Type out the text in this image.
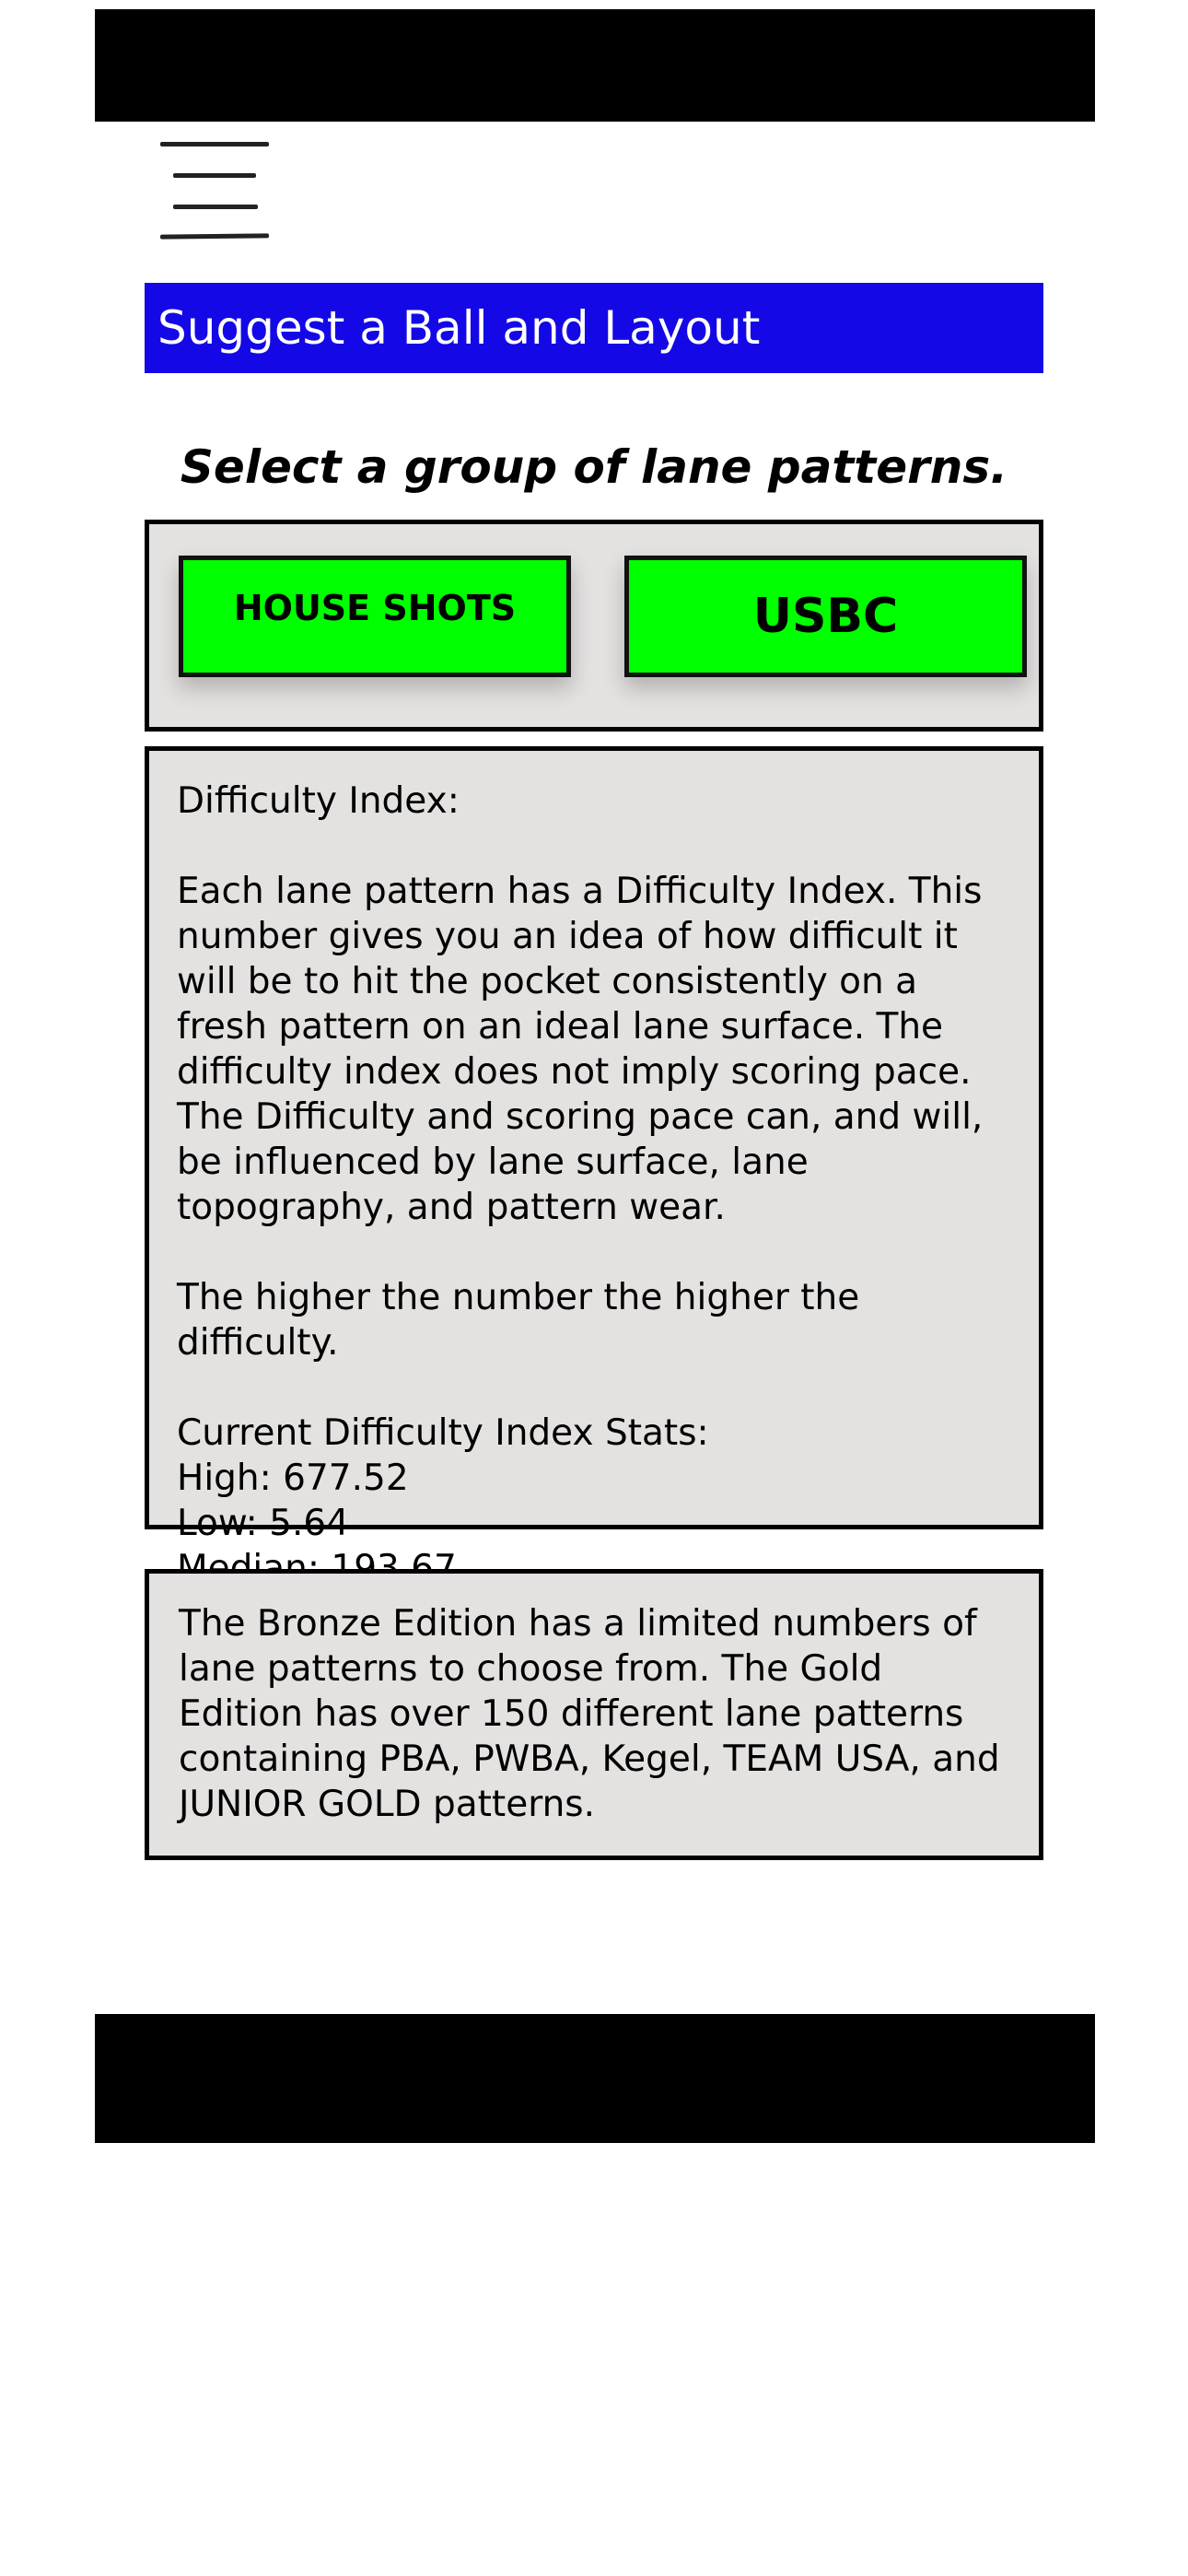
Suggest a Ball and Layout
Select a group of lane patterns.
HOUSE SHOTS	USBC

Difficulty Index:

Each lane pattern has a Difficulty Index. This number gives you an idea of how difficult it will be to hit the pocket consistently on a fresh pattern on an ideal lane surface. The difficulty index does not imply scoring pace. The Difficulty and scoring pace can, and will, be influenced by lane surface, lane topography, and pattern wear.

The higher the number the higher the difficulty.

Current Difficulty Index Stats:

High: 677.52

Low: 5.64

The Bronze Edition has a limited numbers of lane patterns to choose from. The Gold Edition has over 150 different lane patterns containing PBA, PWBA, Kegel, TEAM USA, and JUNIOR GOLD patterns.
